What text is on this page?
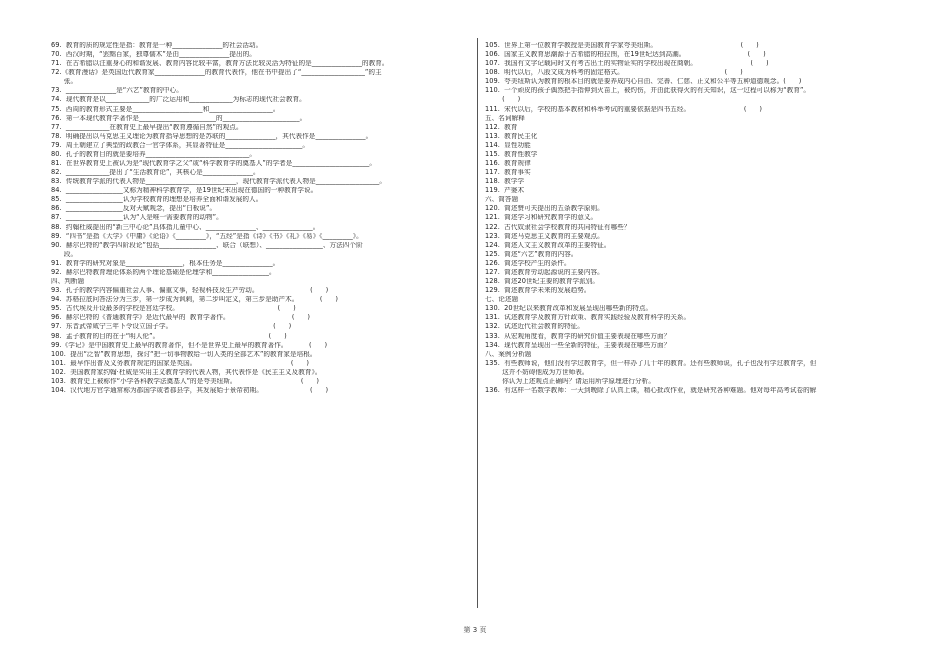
69.  教育的质的规定性是指：教育是一种_______________的社会活动。
70.  西汉时期，“罢黜百家，独尊儒术”是由_______________提出的。
71.  在古希腊以注重身心的和谐发展、教育内容比较丰富，教育方法比较灵活为特征的是_______________的教育。
72.《教育漫话》是英国近代教育家_______________的教育代表作，他在书中提出了“___________________”的主
张。
73.  _______________是“六艺”教育的中心。
74.  现代教育是以_____________的广泛运用和_____________为标志的现代社会教育。
75.  西周的教育形式主要是_____________________和___________________。
76.  第一本现代教育学著作是_______________________的_______________________。
77.  _____________在教育史上最早提出“教育遵循自然”的观点。
78.  明确提出以马克思主义理论为教育指导思想的是苏联的_______________，其代表作是_______________。
79.  周王朝建立了典型的政教合一官学体系，其显著特征是_______________________。
80.  孔子的教育目的就是要培养_______________________________。
81.  在世界教育史上被认为是“现代教育学之父”或“科学教育学的奠基人”的学者是_______________________。
82.  _____________提出了“生活教育论”，其核心是_______________。
83.  传统教育学派的代表人物是___________________________，现代教育学派代表人物是___________________。
84.  _________________又称为精神科学教育学，是19世纪末出现在德国的一种教育学说。
85.  _________________认为学校教育的理想是培养全面和谐发展的人。
86.  _________________反对天赋观念，提出“白板说”。
87.  _________________认为“人是唯一需要教育的动物”。
88.  约翰杜威提出的“新三中心论”具体指儿童中心、_______________、_______________。
89.  “四书”是指《大学》《中庸》《论语》《_________》，“五经”是指《诗》《书》《礼》《易》《_________》。
90.  赫尔巴特的“教学四阶段论”包括_________________、联合（联想）、_________________、方法四个阶
段。
91.  教育学的研究对象是_________________，根本任务是_______________。
92.  赫尔巴特教育理论体系的两个理论基础是伦理学和_________________。
四、判断题
93.  孔子的教学内容偏重社会人事、偏重文事，轻视科技及生产劳动。                        (      )
94.  苏格拉底问答法分为三步，第一步成为讽刺，第二步叫定义，第三步是助产术。          (      )
95.  古代埃及开设最多的学校是宫廷学校。                                              (      )
96.  赫尔巴特的《普通教育学》是近代最早的  教育学著作。                             (      )
97.  东晋武帝咸宁三年下令设立国子学。                                               (      )
98.  孟子教育的目的在于“明人伦”。                                                   (      )
99.《学记》是中国教育史上最早的教育著作，但不是世界史上最早的教育著作。          (      )
100.  提出“泛智”教育思想，探讨“把一切事物教给一切人类的全部艺术”的教育家是培根。
101.  最早作出普及义务教育规定的国家是英国。                                            (      )
102.  美国教育家约翰·杜威是实用主义教育学的代表人物，其代表作是《民主主义及教育》。
103.  教育史上被称作“小学各科教学法奠基人”的是夸美纽斯。                              (      )
104.  汉代地方官学通常称为郡国学或者郡县学，其发展始于景帝初期。                      (      )
105.  世界上第一位教育学教授是美国教育学家夸美纽斯。                                       (      )
106.  国家主义教育思潮源于古希腊的柏拉图，在19世纪达到高潮。                             (      )
107.  我国有文字记载同时又有考古出土的实物证实的学校出现在商朝。                         (      )
108.  明代以后，八股文成为科考的固定格式。                                               (      )
109.  夸美纽斯认为教育的根本目的就是要养成内心自由、完善、仁慈、正义和公平等五种道德观念。(      )
110.  一个顽皮的孩子偶然把手指伸到火苗上，被灼伤，并由此获得火的有关知识，这一过程可以称为“教育”。
(      )
111.  宋代以后，学校的基本教材和科举考试的重要依据是四书五经。                         (      )
五、名词解释
112.  教育
113.  教育民主化
114.  显性功能
115.  教育性教学
116.  教育规律
117.  教育事实
118.  教学学
119.  产婆术
六、简答题
120.  简述赞可夫提出的五条教学原则。
121.  简述学习和研究教育学的意义。
122.  古代奴隶社会学校教育的共同特征有哪些？
123.  简述马克思主义教育的主要观点。
124.  简述人文主义教育改革的主要特征。
125.  简述“六艺”教育的内容。
126.  简述学校产生的条件。
127.  简述教育劳动起源说的主要内容。
128.  简述20世纪主要的教育学派别。
129.  简述教育学未来的发展趋势。
七、论述题
130.  20世纪以来教育改革和发展呈现出哪些新的特点。
131.  试述教育学及教育方针政策、教育实践经验及教育科学的关系。
132.  试述近代社会教育的特征。
133.  从宏观角度看，教育学的研究价值主要表现在哪些方面？
134.  现代教育呈现出一些全新的特征，主要表现在哪些方面？
八、案例分析题
135.  有些教师说，他们没有学过教育学，但一样办了几十年的教育。还有些教师说，孔子也没有学过教育学，但
这并不妨碍他成为万世师表。
你认为上述观点正确吗？请运用所学原理进行分析。
136.  有这样一名数学教师：一天到晚除了认真上课，精心批改作业，就是研究各种难题。他对每年高考试卷的解
第 3 页
